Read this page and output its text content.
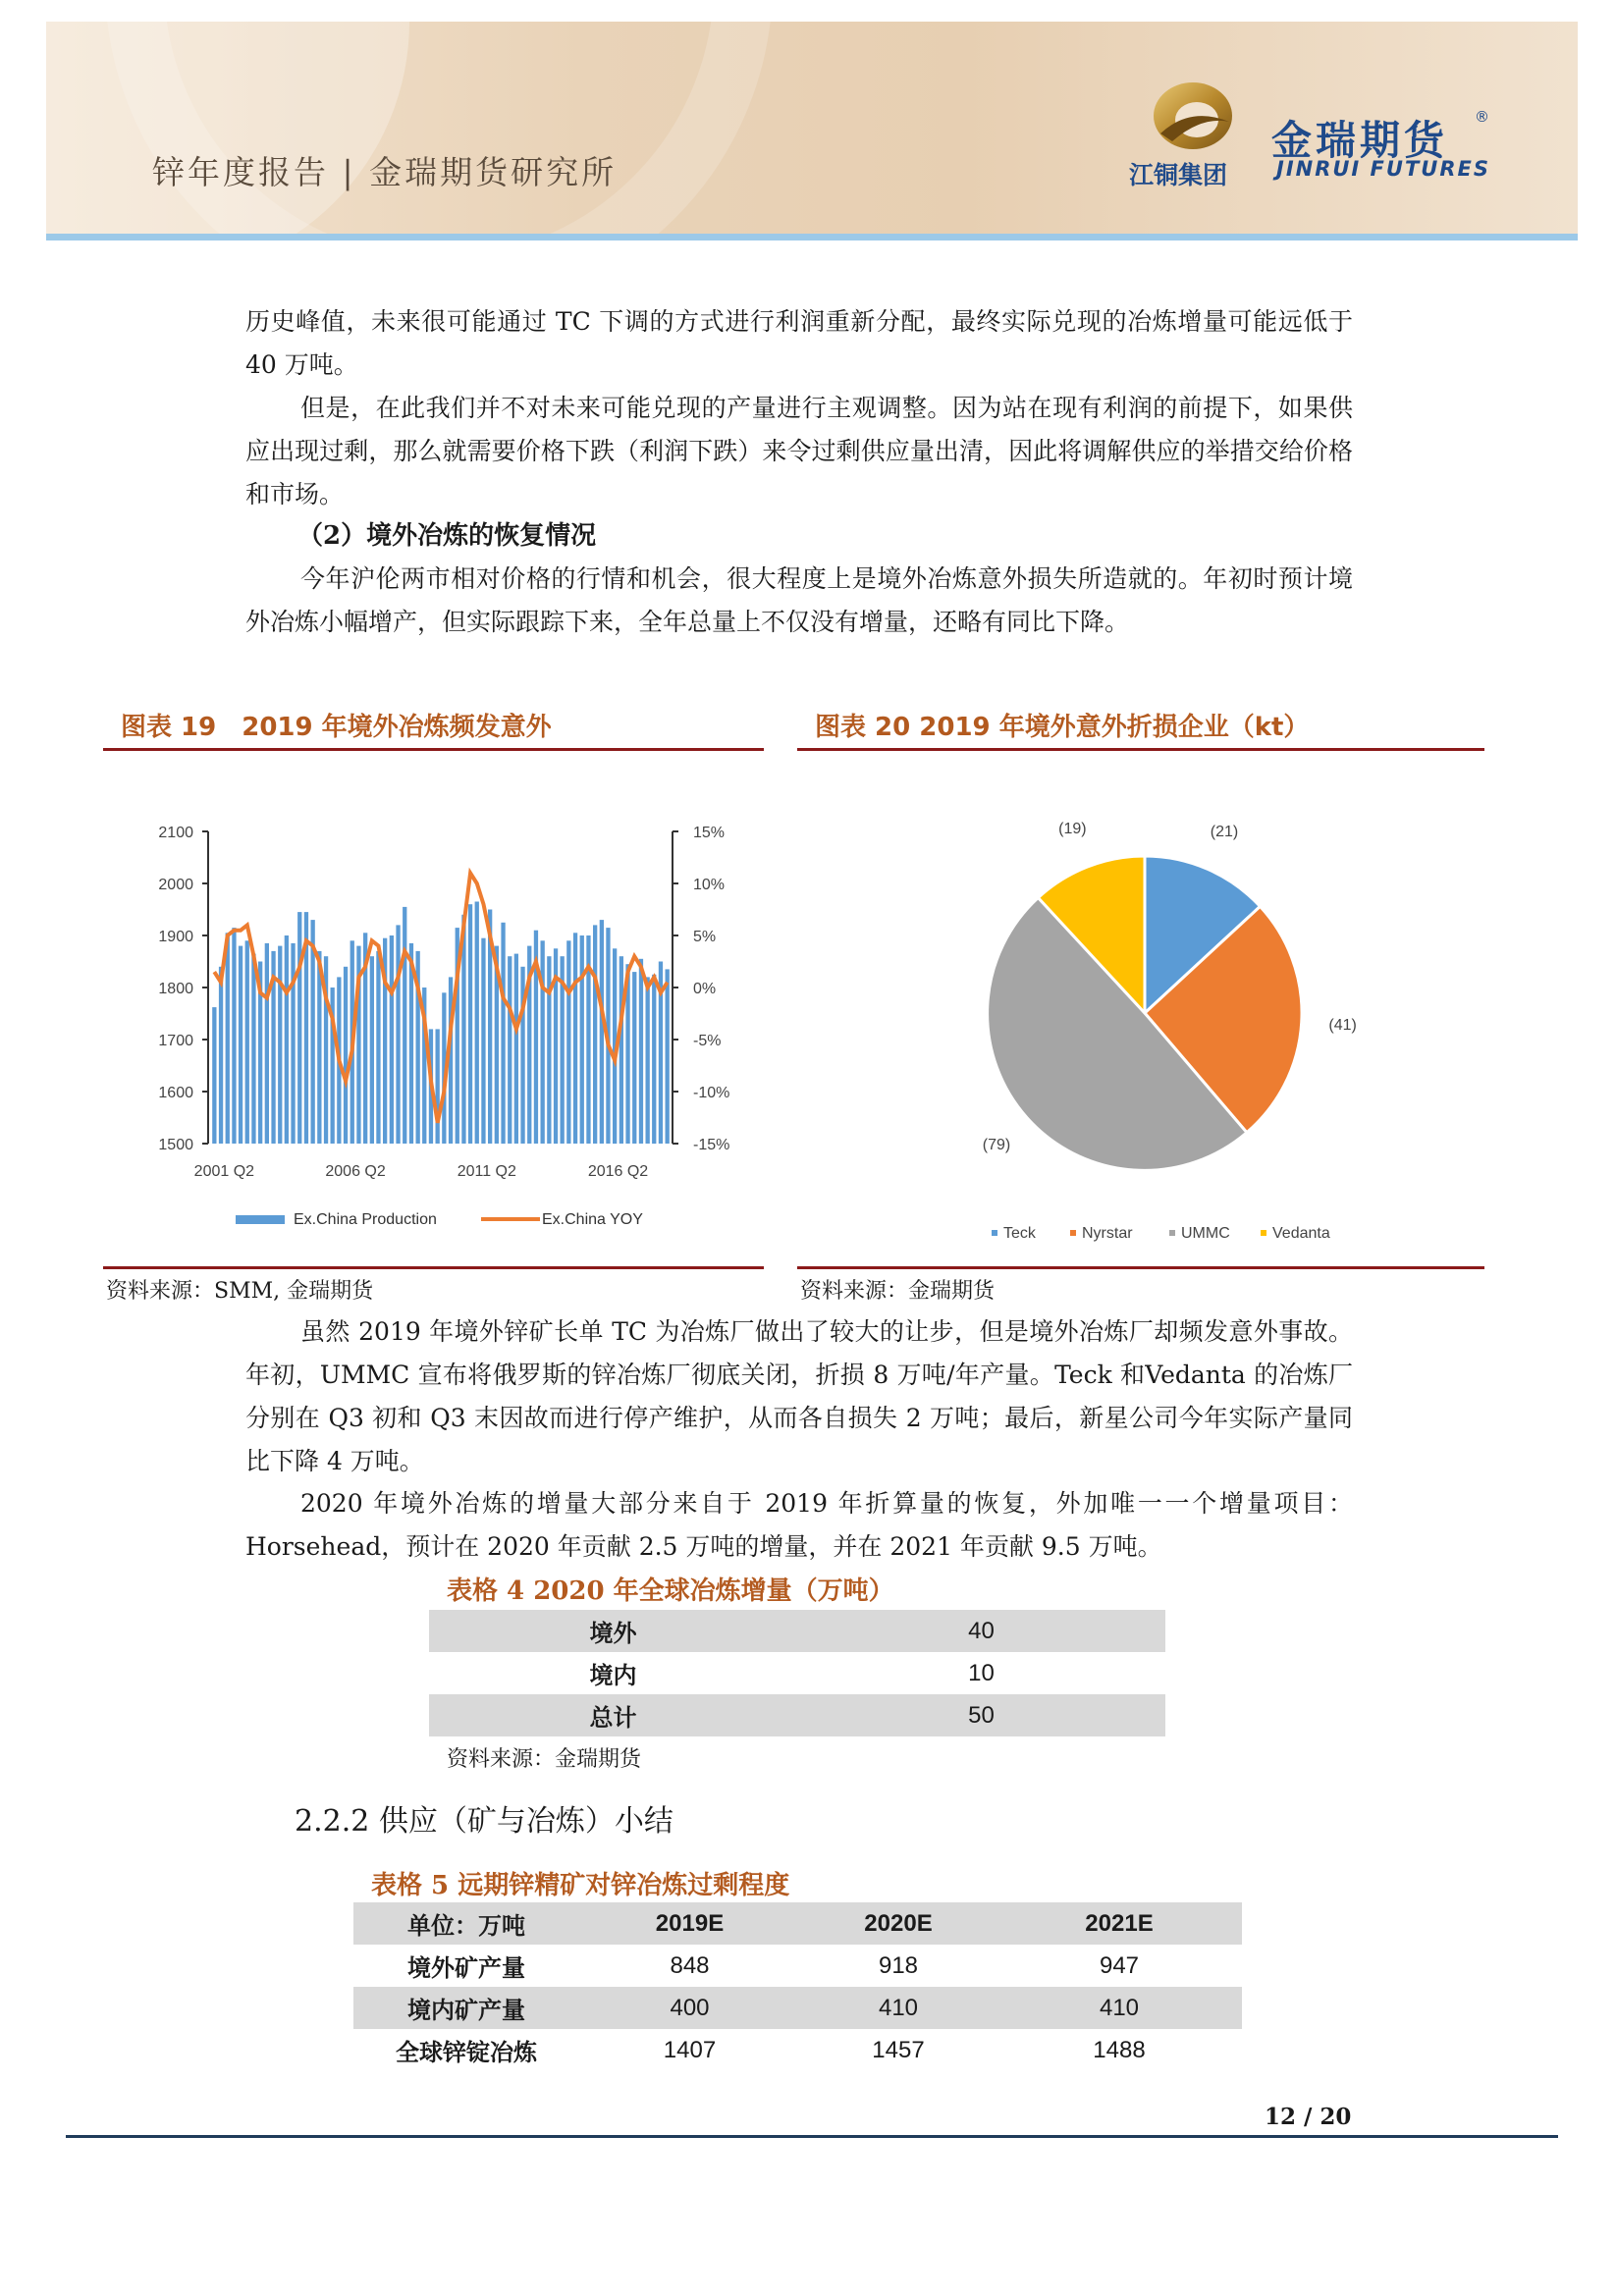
锌年度报告 | 金瑞期货研究所	江铜集团
金瑞期货 ®
JINRUI FUTURES
历史峰值，未来很可能通过 TC 下调的方式进行利润重新分配，最终实际兑现的冶炼增量可能远低于 40 万吨。
但是，在此我们并不对未来可能兑现的产量进行主观调整。因为站在现有利润的前提下，如果供应出现过剩，那么就需要价格下跌（利润下跌）来令过剩供应量出清，因此将调解供应的举措交给价格和市场。
（2）境外冶炼的恢复情况
今年沪伦两市相对价格的行情和机会，很大程度上是境外冶炼意外损失所造就的。年初时预计境外冶炼小幅增产，但实际跟踪下来，全年总量上不仅没有增量，还略有同比下降。
图表 19　2019 年境外冶炼频发意外
2100
2000
1900
1800
1700
1600
1500
15%
10%
5%
0%
-5%
-10%
-15%
2001 Q2	2006 Q2	2011 Q2	2016 Q2
Ex.China Production	Ex.China YOY
资料来源：SMM, 金瑞期货
图表 20 2019 年境外意外折损企业（kt）
(21)
(41)
(79)
(19)
Teck	Nyrstar	UMMC	Vedanta
资料来源：金瑞期货
虽然 2019 年境外锌矿长单 TC 为冶炼厂做出了较大的让步，但是境外冶炼厂却频发意外事故。年初，UMMC 宣布将俄罗斯的锌冶炼厂彻底关闭，折损 8 万吨/年产量。Teck 和Vedanta 的冶炼厂分别在 Q3 初和 Q3 末因故而进行停产维护，从而各自损失 2 万吨；最后，新星公司今年实际产量同比下降 4 万吨。
2020 年境外冶炼的增量大部分来自于 2019 年折算量的恢复，外加唯一一个增量项目：Horsehead，预计在 2020 年贡献 2.5 万吨的增量，并在 2021 年贡献 9.5 万吨。
表格 4 2020 年全球冶炼增量（万吨）
境外	40
境内	10
总计	50
资料来源：金瑞期货
2.2.2 供应（矿与冶炼）小结
表格 5 远期锌精矿对锌冶炼过剩程度
单位：万吨	2019E	2020E	2021E
境外矿产量	848	918	947
境内矿产量	400	410	410
全球锌锭冶炼	1407	1457	1488
12 / 20
